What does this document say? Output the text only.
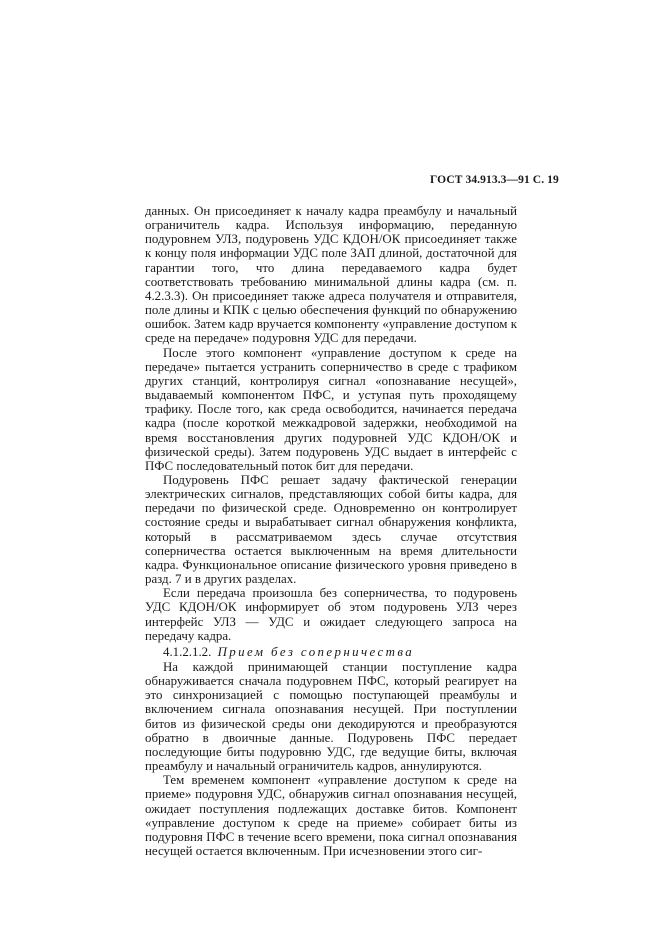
ГОСТ 34.913.3—91 С. 19

данных. Он присоединяет к началу кадра преамбулу и начальный ограничитель кадра. Используя информацию, переданную подуровнем УЛЗ, подуровень УДС КДОН/ОК присоединяет также к концу поля информации УДС поле ЗАП длиной, достаточной для гарантии того, что длина передаваемого кадра будет соответствовать требованию минимальной длины кадра (см. п. 4.2.3.3). Он присоединяет также адреса получателя и отправителя, поле длины и КПК с целью обеспечения функций по обнаружению ошибок. Затем кадр вручается компоненту «управление доступом к среде на передаче» подуровня УДС для передачи.

После этого компонент «управление доступом к среде на передаче» пытается устранить соперничество в среде с трафиком других станций, контролируя сигнал «опознавание несущей», выдаваемый компонентом ПФС, и уступая путь проходящему трафику. После того, как среда освободится, начинается передача кадра (после короткой межкадровой задержки, необходимой на время восстановления других подуровней УДС КДОН/ОК и физической среды). Затем подуровень УДС выдает в интерфейс с ПФС последовательный поток бит для передачи.

Подуровень ПФС решает задачу фактической генерации электрических сигналов, представляющих собой биты кадра, для передачи по физической среде. Одновременно он контролирует состояние среды и вырабатывает сигнал обнаружения конфликта, который в рассматриваемом здесь случае отсутствия соперничества остается выключенным на время длительности кадра. Функциональное описание физического уровня приведено в разд. 7 и в других разделах.

Если передача произошла без соперничества, то подуровень УДС КДОН/ОК информирует об этом подуровень УЛЗ через интерфейс УЛЗ — УДС и ожидает следующего запроса на передачу кадра.

4.1.2.1.2. Прием без соперничества

На каждой принимающей станции поступление кадра обнаруживается сначала подуровнем ПФС, который реагирует на это синхронизацией с помощью поступающей преамбулы и включением сигнала опознавания несущей. При поступлении битов из физической среды они декодируются и преобразуются обратно в двоичные данные. Подуровень ПФС передает последующие биты подуровню УДС, где ведущие биты, включая преамбулу и начальный ограничитель кадров, аннулируются.

Тем временем компонент «управление доступом к среде на приеме» подуровня УДС, обнаружив сигнал опознавания несущей, ожидает поступления подлежащих доставке битов. Компонент «управление доступом к среде на приеме» собирает биты из подуровня ПФС в течение всего времени, пока сигнал опознавания несущей остается включенным. При исчезновении этого сиг-
